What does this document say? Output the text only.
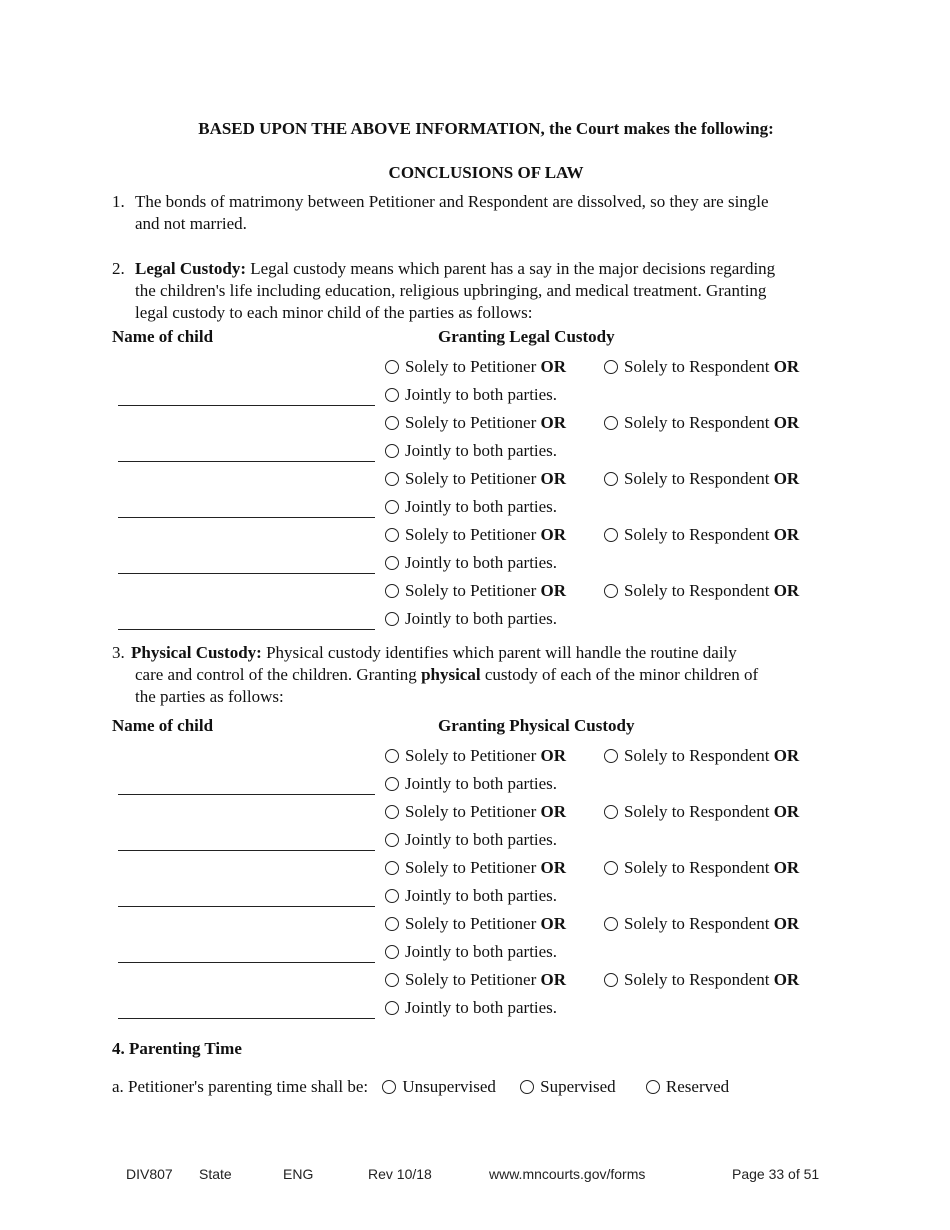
BASED UPON THE ABOVE INFORMATION, the Court makes the following:
CONCLUSIONS OF LAW
1. The bonds of matrimony between Petitioner and Respondent are dissolved, so they are single
and not married.
2. Legal Custody: Legal custody means which parent has a say in the major decisions regarding
the children's life including education, religious upbringing, and medical treatment. Granting
legal custody to each minor child of the parties as follows:
Name of child	Granting Legal Custody
Solely to Petitioner OR	Solely to Respondent OR
Jointly to both parties.
Solely to Petitioner OR	Solely to Respondent OR
Jointly to both parties.
Solely to Petitioner OR	Solely to Respondent OR
Jointly to both parties.
Solely to Petitioner OR	Solely to Respondent OR
Jointly to both parties.
Solely to Petitioner OR	Solely to Respondent OR
Jointly to both parties.
3. Physical Custody: Physical custody identifies which parent will handle the routine daily
care and control of the children. Granting physical custody of each of the minor children of
the parties as follows:
Name of child	Granting Physical Custody
Solely to Petitioner OR	Solely to Respondent OR
Jointly to both parties.
Solely to Petitioner OR	Solely to Respondent OR
Jointly to both parties.
Solely to Petitioner OR	Solely to Respondent OR
Jointly to both parties.
Solely to Petitioner OR	Solely to Respondent OR
Jointly to both parties.
Solely to Petitioner OR	Solely to Respondent OR
Jointly to both parties.
4. Parenting Time
a. Petitioner's parenting time shall be: Unsupervised	Supervised	Reserved
DIV807 State	ENG	Rev 10/18	www.mncourts.gov/forms	Page 33 of 51
